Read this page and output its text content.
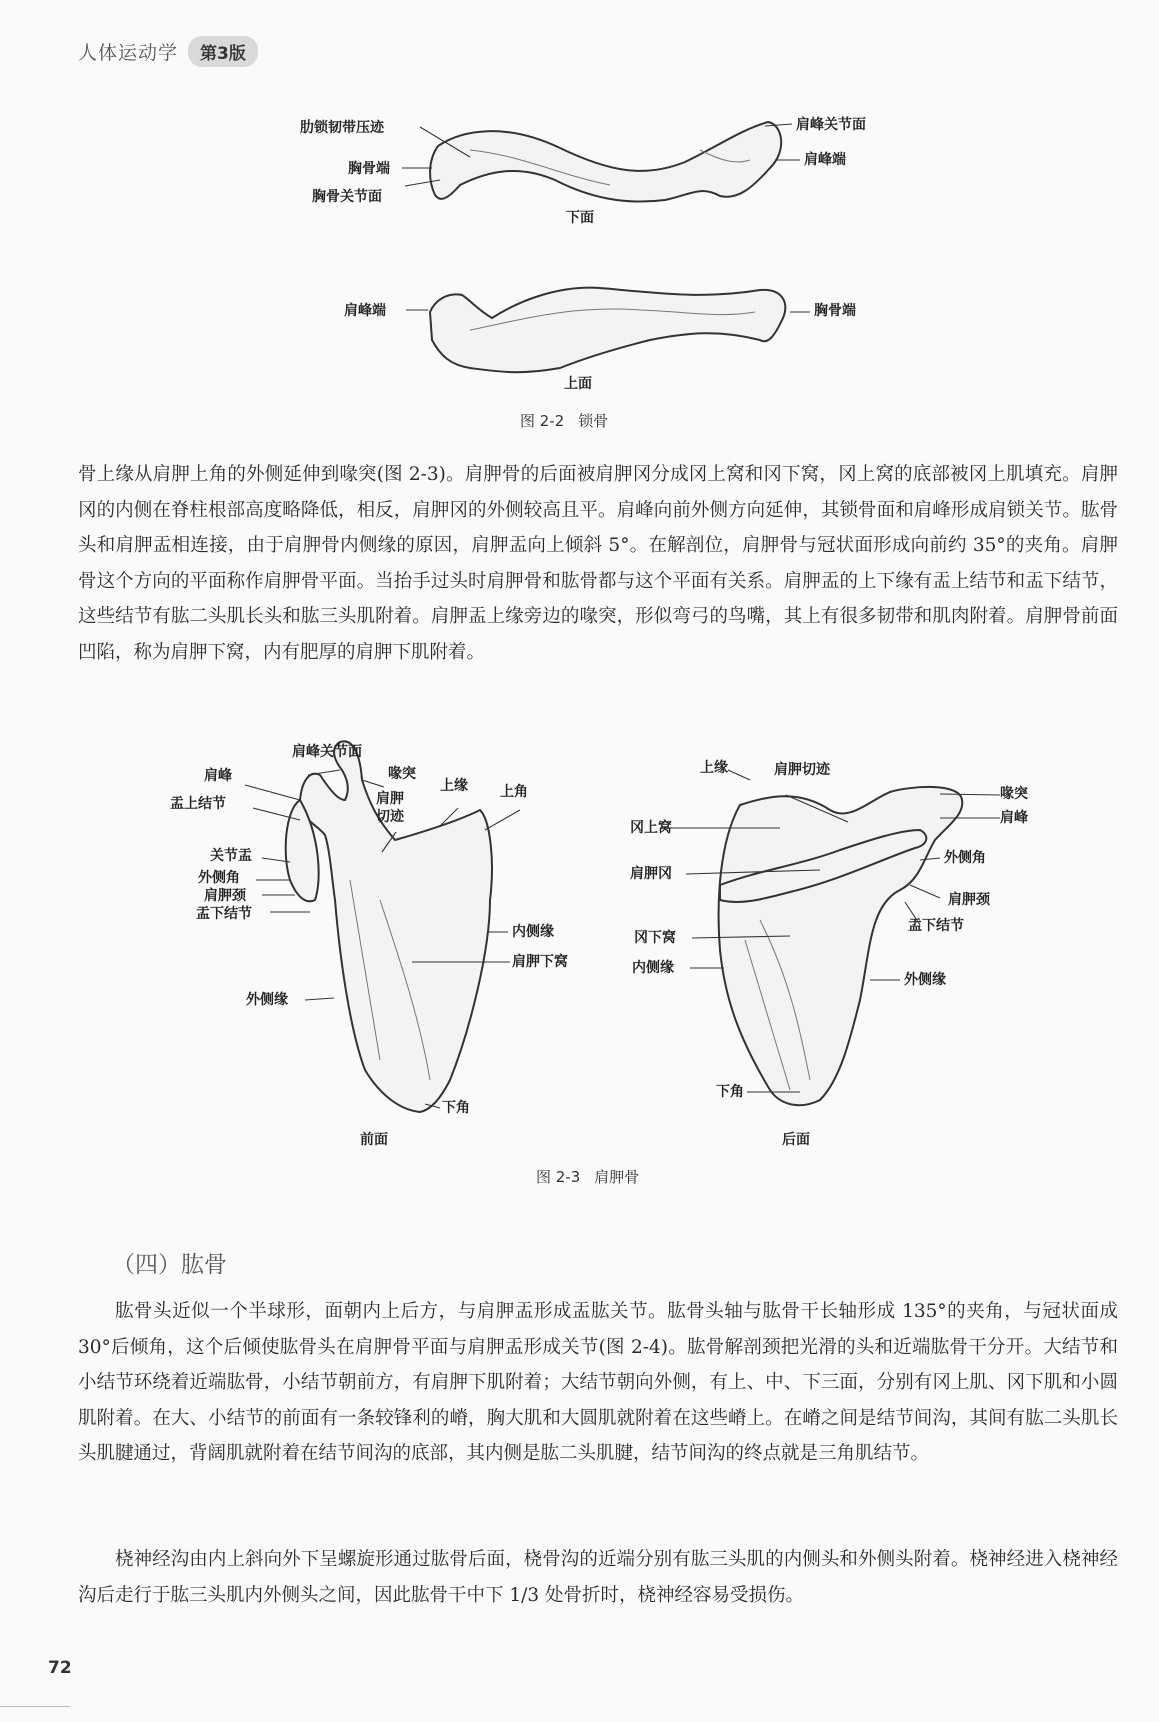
人体运动学	第3版
肋锁韧带压迹
胸骨端
胸骨关节面
肩峰关节面
肩峰端
下面
肩峰端	胸骨端
上面
图 2-2 锁骨

骨上缘从肩胛上角的外侧延伸到喙突(图 2-3)。肩胛骨的后面被肩胛冈分成冈上窝和冈下窝，冈上窝的底部被冈上肌填充。肩胛冈的内侧在脊柱根部高度略降低，相反，肩胛冈的外侧较高且平。肩峰向前外侧方向延伸，其锁骨面和肩峰形成肩锁关节。肱骨头和肩胛盂相连接，由于肩胛骨内侧缘的原因，肩胛盂向上倾斜 5°。在解剖位，肩胛骨与冠状面形成向前约 35°的夹角。肩胛骨这个方向的平面称作肩胛骨平面。当抬手过头时肩胛骨和肱骨都与这个平面有关系。肩胛盂的上下缘有盂上结节和盂下结节，这些结节有肱二头肌长头和肱三头肌附着。肩胛盂上缘旁边的喙突，形似弯弓的鸟嘴，其上有很多韧带和肌肉附着。肩胛骨前面凹陷，称为肩胛下窝，内有肥厚的肩胛下肌附着。

肩峰关节面
肩峰	喙突
盂上结节	肩胛切迹
上缘 上角
关节盂
外侧角
肩胛颈
盂下结节
内侧缘
肩胛下窝
外侧缘
下角
前面
上缘	肩胛切迹
喙突
肩峰
冈上窝
肩胛冈
外侧角
肩胛颈
盂下结节
冈下窝
内侧缘
外侧缘
下角
后面
图 2-3 肩胛骨
（四）肱骨

肱骨头近似一个半球形，面朝内上后方，与肩胛盂形成盂肱关节。肱骨头轴与肱骨干长轴形成 135°的夹角，与冠状面成 30°后倾角，这个后倾使肱骨头在肩胛骨平面与肩胛盂形成关节(图 2-4)。肱骨解剖颈把光滑的头和近端肱骨干分开。大结节和小结节环绕着近端肱骨，小结节朝前方，有肩胛下肌附着；大结节朝向外侧，有上、中、下三面，分别有冈上肌、冈下肌和小圆肌附着。在大、小结节的前面有一条较锋利的嵴，胸大肌和大圆肌就附着在这些嵴上。在嵴之间是结节间沟，其间有肱二头肌长头肌腱通过，背阔肌就附着在结节间沟的底部，其内侧是肱二头肌腱，结节间沟的终点就是三角肌结节。

桡神经沟由内上斜向外下呈螺旋形通过肱骨后面，桡骨沟的近端分别有肱三头肌的内侧头和外侧头附着。桡神经进入桡神经沟后走行于肱三头肌内外侧头之间，因此肱骨干中下 1/3 处骨折时，桡神经容易受损伤。

72
